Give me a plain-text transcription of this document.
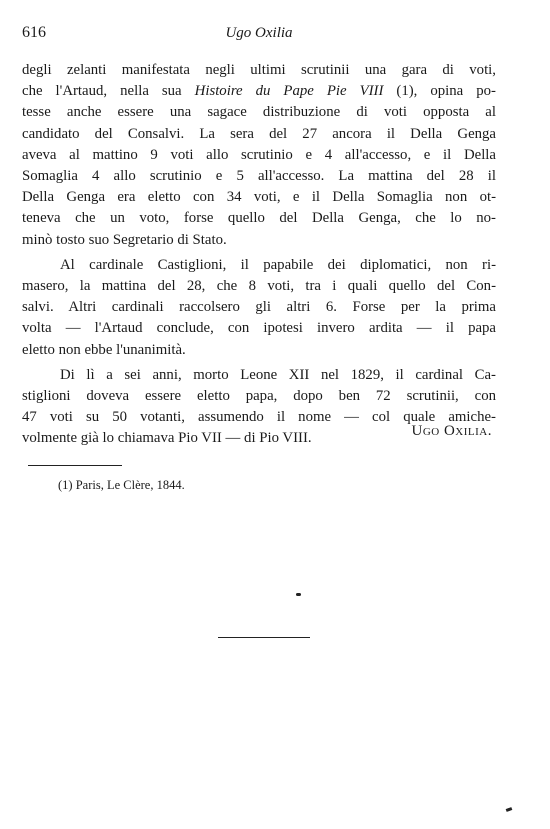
616	Ugo Oxilia
degli zelanti manifestata negli ultimi scrutinii una gara di voti,
che l'Artaud, nella sua Histoire du Pape Pie VIII (1), opina po-
tesse anche essere una sagace distribuzione di voti opposta al
candidato del Consalvi. La sera del 27 ancora il Della Genga
aveva al mattino 9 voti allo scrutinio e 4 all'accesso, e il Della
Somaglia 4 allo scrutinio e 5 all'accesso. La mattina del 28 il
Della Genga era eletto con 34 voti, e il Della Somaglia non ot-
teneva che un voto, forse quello del Della Genga, che lo no-
minò tosto suo Segretario di Stato.
Al cardinale Castiglioni, il papabile dei diplomatici, non ri-
masero, la mattina del 28, che 8 voti, tra i quali quello del Con-
salvi. Altri cardinali raccolsero gli altri 6. Forse per la prima
volta — l'Artaud conclude, con ipotesi invero ardita — il papa
eletto non ebbe l'unanimità.
Di lì a sei anni, morto Leone XII nel 1829, il cardinal Ca-
stiglioni doveva essere eletto papa, dopo ben 72 scrutinii, con
47 voti su 50 votanti, assumendo il nome — col quale amiche-
volmente già lo chiamava Pio VII — di Pio VIII.	Ugo Oxilia.
(1) Paris, Le Clère, 1844.
